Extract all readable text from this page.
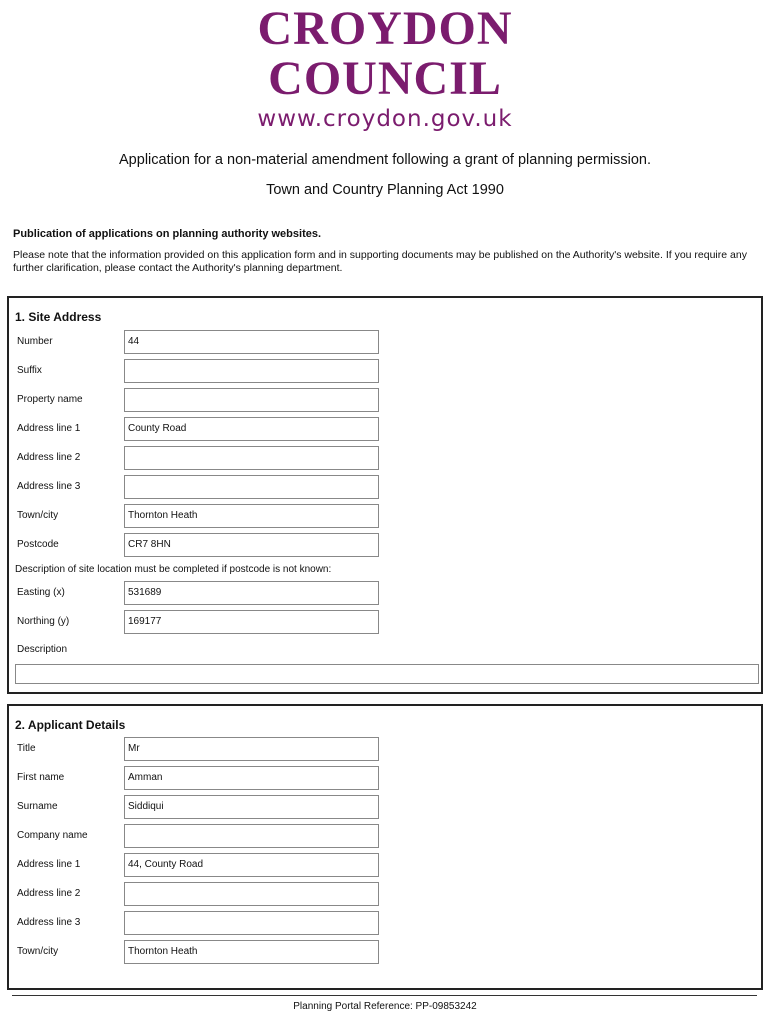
CROYDON
COUNCIL
www.croydon.gov.uk
Application for a non-material amendment following a grant of planning permission.
Town and Country Planning Act 1990
Publication of applications on planning authority websites.
Please note that the information provided on this application form and in supporting documents may be published on the Authority's website. If you require any further clarification, please contact the Authority's planning department.
1. Site Address
Number	44
Suffix
Property name
Address line 1	County Road
Address line 2
Address line 3
Town/city	Thornton Heath
Postcode	CR7 8HN
Description of site location must be completed if postcode is not known:
Easting (x)	531689
Northing (y)	169177
Description
2. Applicant Details
Title	Mr
First name	Amman
Surname	Siddiqui
Company name
Address line 1	44, County Road
Address line 2
Address line 3
Town/city	Thornton Heath
Planning Portal Reference: PP-09853242
